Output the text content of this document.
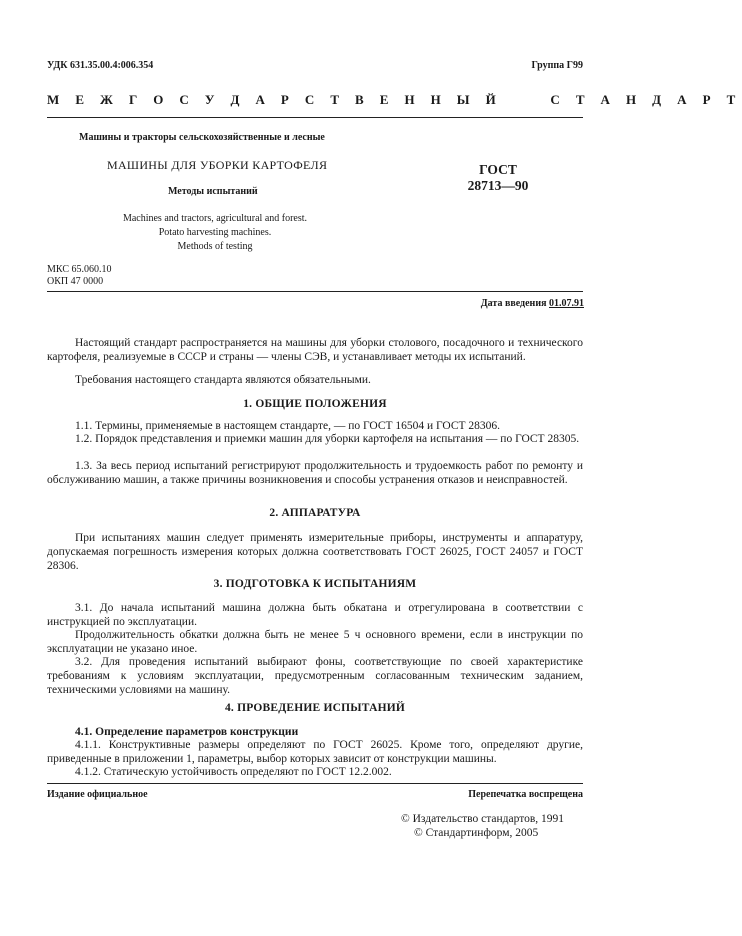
УДК 631.35.00.4:006.354	Группа Г99
М Е Ж Г О С У Д А Р С Т В Е Н Н Ы Й     С Т А Н Д А Р Т
Машины и тракторы сельскохозяйственные и лесные
МАШИНЫ ДЛЯ УБОРКИ КАРТОФЕЛЯ
Методы испытаний
Machines and tractors, agricultural and forest.
Potato harvesting machines.
Methods of testing
ГОСТ
28713—90
МКС 65.060.10
ОКП 47 0000
Дата введения 01.07.91
Настоящий стандарт распространяется на машины для уборки столового, посадочного и технического картофеля, реализуемые в СССР и страны — члены СЭВ, и устанавливает методы их испытаний.
Требования настоящего стандарта являются обязательными.
1. ОБЩИЕ ПОЛОЖЕНИЯ
1.1. Термины, применяемые в настоящем стандарте, — по ГОСТ 16504 и ГОСТ 28306.
1.2. Порядок представления и приемки машин для уборки картофеля на испытания — по ГОСТ 28305.
1.3. За весь период испытаний регистрируют продолжительность и трудоемкость работ по ремонту и обслуживанию машин, а также причины возникновения и способы устранения отказов и неисправностей.
2. АППАРАТУРА
При испытаниях машин следует применять измерительные приборы, инструменты и аппаратуру, допускаемая погрешность измерения которых должна соответствовать ГОСТ 26025, ГОСТ 24057 и ГОСТ 28306.
3. ПОДГОТОВКА К ИСПЫТАНИЯМ
3.1. До начала испытаний машина должна быть обкатана и отрегулирована в соответствии с инструкцией по эксплуатации.
Продолжительность обкатки должна быть не менее 5 ч основного времени, если в инструкции по эксплуатации не указано иное.
3.2. Для проведения испытаний выбирают фоны, соответствующие по своей характеристике требованиям к условиям эксплуатации, предусмотренным согласованным техническим заданием, техническими условиями на машину.
4. ПРОВЕДЕНИЕ ИСПЫТАНИЙ
4.1. Определение параметров конструкции
4.1.1. Конструктивные размеры определяют по ГОСТ 26025. Кроме того, определяют другие, приведенные в приложении 1, параметры, выбор которых зависит от конструкции машины.
4.1.2. Статическую устойчивость определяют по ГОСТ 12.2.002.
Издание официальное	Перепечатка воспрещена
© Издательство стандартов, 1991
© Стандартинформ, 2005
